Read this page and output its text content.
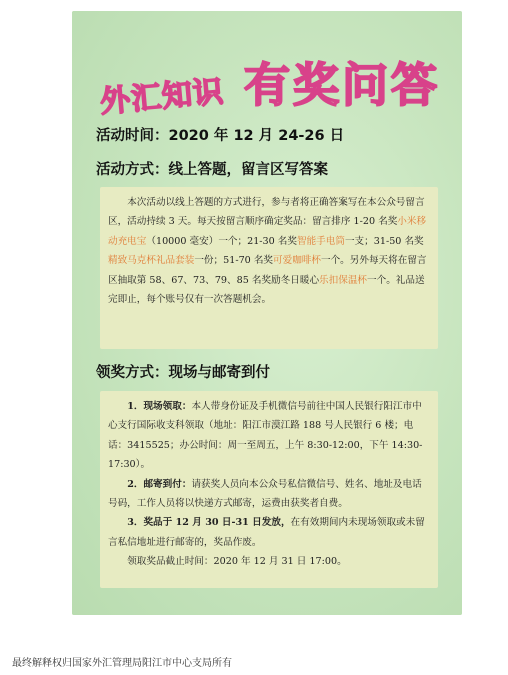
外汇知识 有奖问答
活动时间：2020 年 12 月 24-26 日
活动方式：线上答题，留言区写答案

本次活动以线上答题的方式进行，参与者将正确答案写在本公众号留言区，活动持续 3 天。每天按留言顺序确定奖品：留言排序 1-20 名奖小米移动充电宝（10000 毫安）一个；21-30 名奖智能手电筒一支；31-50 名奖精致马克杯礼品套装一份；51-70 名奖可爱咖啡杯一个。另外每天将在留言区抽取第 58、67、73、79、85 名奖励冬日暖心乐扣保温杯一个。礼品送完即止，每个账号仅有一次答题机会。

领奖方式：现场与邮寄到付

1．现场领取：本人带身份证及手机微信号前往中国人民银行阳江市中心支行国际收支科领取（地址：阳江市漠江路 188 号人民银行 6 楼；电话：3415525；办公时间：周一至周五，上午 8:30-12:00，下午 14:30-17:30）。

2．邮寄到付：请获奖人员向本公众号私信微信号、姓名、地址及电话号码，工作人员将以快递方式邮寄，运费由获奖者自费。

3．奖品于 12 月 30 日-31 日发放，在有效期间内未现场领取或未留言私信地址进行邮寄的，奖品作废。

领取奖品截止时间：2020 年 12 月 31 日 17:00。

最终解释权归国家外汇管理局阳江市中心支局所有
